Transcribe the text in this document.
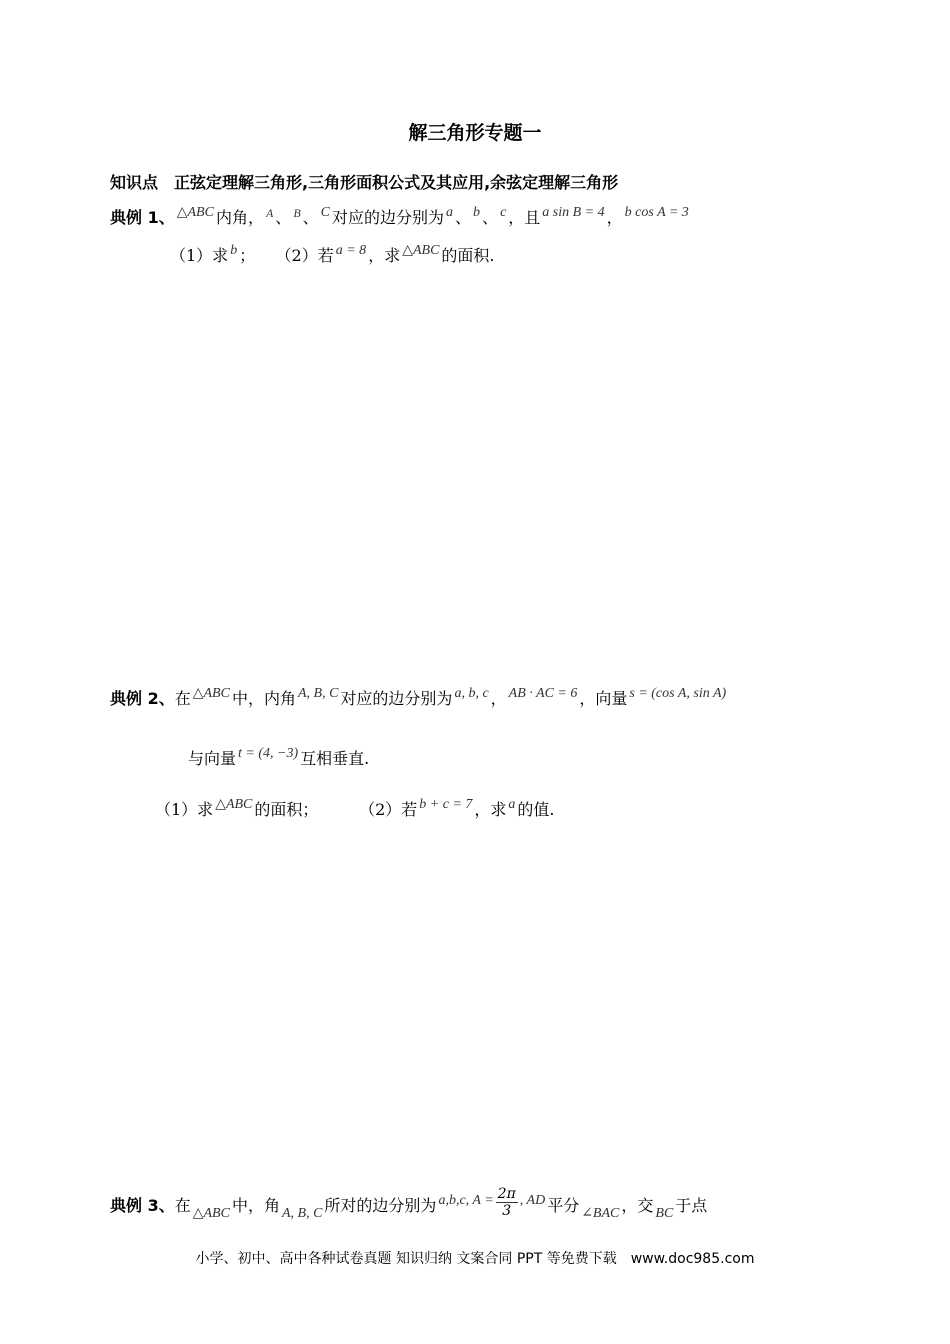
解三角形专题一
知识点　正弦定理解三角形,三角形面积公式及其应用,余弦定理解三角形
典例 1、 △ABC 内角， $^A$ 、 $^B$ 、 C 对应的边分别为 a 、 b 、 c ，且 a sin B = 4 ， b cos A = 3
（1）求 b ； （2）若 a = 8 ，求 △ABC 的面积.
典例 2、在 △ABC 中，内角 A, B, C 对应的边分别为 a, b, c ， AB · AC = 6 ，向量 s = (cos A, sin A)
与向量 t = (4, −3) 互相垂直.
（1）求 △ABC 的面积；	（2）若 b + c = 7 ，求 a 的值.
典例 3、在 △ABC 中，角 A, B, C 所对的边分别为 a,b,c, $A = \frac{2\pi}{3}$ , AD 平分 ∠BAC ，交 BC 于点
小学、初中、高中各种试卷真题 知识归纳 文案合同 PPT 等免费下载　www.doc985.com
